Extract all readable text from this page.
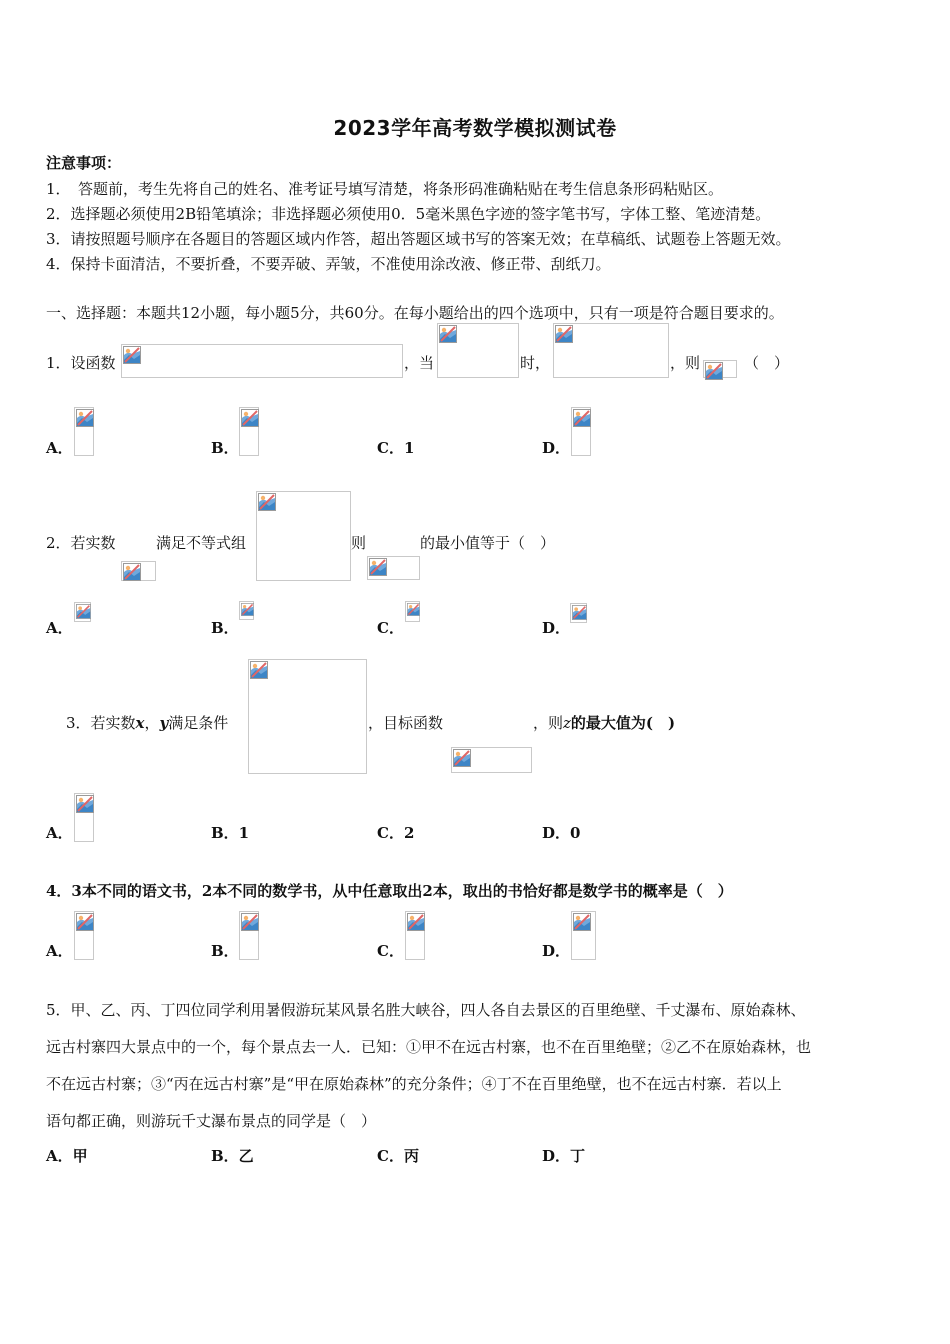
2023学年高考数学模拟测试卷
注意事项：
1．　答题前，考生先将自己的姓名、准考证号填写清楚，将条形码准确粘贴在考生信息条形码粘贴区。
2．选择题必须使用2B铅笔填涂；非选择题必须使用0．5毫米黑色字迹的签字笔书写，字体工整、笔迹清楚。
3．请按照题号顺序在各题目的答题区域内作答，超出答题区域书写的答案无效；在草稿纸、试题卷上答题无效。
4．保持卡面清洁，不要折叠，不要弄破、弄皱，不准使用涂改液、修正带、刮纸刀。
一、选择题：本题共12小题，每小题5分，共60分。在每小题给出的四个选项中，只有一项是符合题目要求的。
1．设函数	，当	时，	，则	（　）
A．	B．	C．1	D．
2．若实数	满足不等式组	则	的最小值等于（　）
A．	B．	C．	D．
3．若实数x，y满足条件	，目标函数	，则z的最大值为(　)
A．	B．1	C．2	D．0
4．3本不同的语文书，2本不同的数学书，从中任意取出2本，取出的书恰好都是数学书的概率是（　）
A．	B．	C．	D．
5．甲、乙、丙、丁四位同学利用暑假游玩某风景名胜大峡谷，四人各自去景区的百里绝壁、千丈瀑布、原始森林、
远古村寨四大景点中的一个，每个景点去一人．已知：①甲不在远古村寨，也不在百里绝壁；②乙不在原始森林，也
不在远古村寨；③“丙在远古村寨”是“甲在原始森林”的充分条件；④丁不在百里绝壁，也不在远古村寨．若以上
语句都正确，则游玩千丈瀑布景点的同学是（　）
A．甲	B．乙	C．丙	D．丁
